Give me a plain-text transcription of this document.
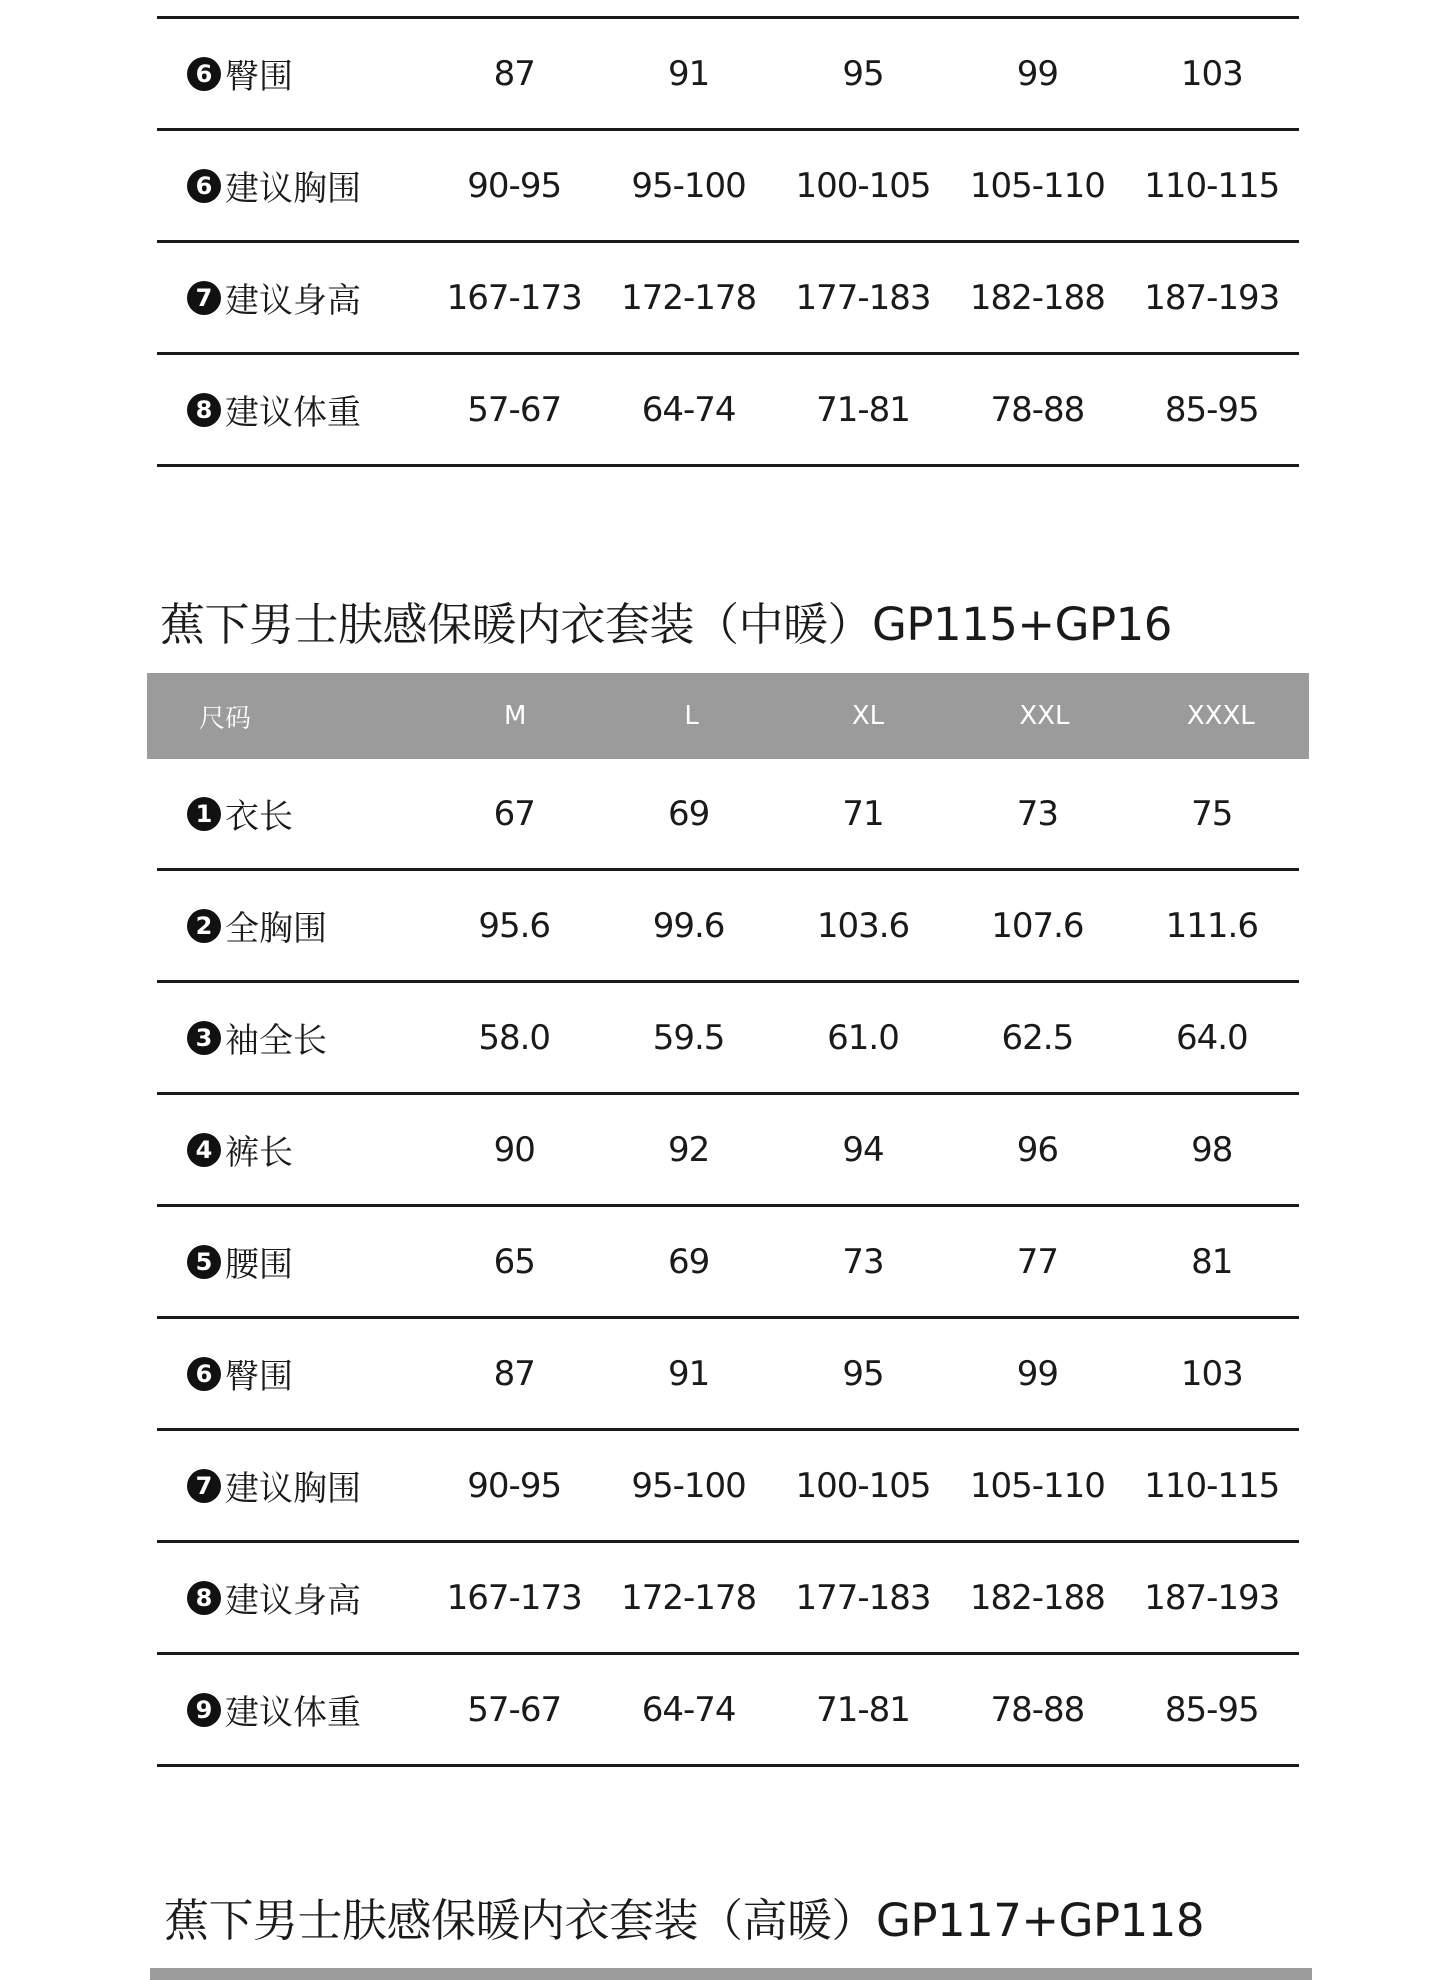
6 臀围	87	91	95	99	103
6 建议胸围	90-95	95-100	100-105	105-110	110-115
7 建议身高	167-173	172-178	177-183	182-188	187-193
8 建议体重	57-67	64-74	71-81	78-88	85-95
蕉下男士肤感保暖内衣套装（中暖）GP115+GP16
尺码	M	L	XL	XXL	XXXL
1 衣长	67	69	71	73	75
2 全胸围	95.6	99.6	103.6	107.6	111.6
3 袖全长	58.0	59.5	61.0	62.5	64.0
4 裤长	90	92	94	96	98
5 腰围	65	69	73	77	81
6 臀围	87	91	95	99	103
7 建议胸围	90-95	95-100	100-105	105-110	110-115
8 建议身高	167-173	172-178	177-183	182-188	187-193
9 建议体重	57-67	64-74	71-81	78-88	85-95
蕉下男士肤感保暖内衣套装（高暖）GP117+GP118
